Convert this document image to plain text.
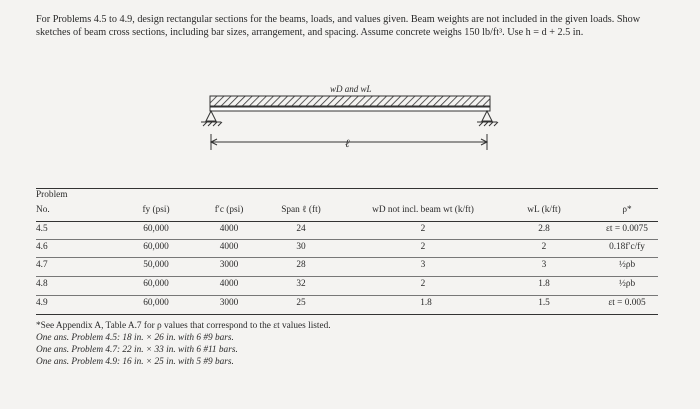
For Problems 4.5 to 4.9, design rectangular sections for the beams, loads, and values given. Beam weights are not included in the given loads. Show sketches of beam cross sections, including bar sizes, arrangement, and spacing. Assume concrete weighs 150 lb/ft³. Use h = d + 2.5 in.
wD and wL
ℓ
Problem
No.	fy (psi)	f′c (psi)	Span ℓ (ft)	wD not incl. beam wt (k/ft)	wL (k/ft)	ρ*
4.5	60,000	4000	24	2	2.8	εt = 0.0075
4.6	60,000	4000	30	2	2	0.18f′c/fy
4.7	50,000	3000	28	3	3	½ρb
4.8	60,000	4000	32	2	1.8	½ρb
4.9	60,000	3000	25	1.8	1.5	εt = 0.005
*See Appendix A, Table A.7 for ρ values that correspond to the εt values listed.
One ans. Problem 4.5: 18 in. × 26 in. with 6 #9 bars.
One ans. Problem 4.7: 22 in. × 33 in. with 6 #11 bars.
One ans. Problem 4.9: 16 in. × 25 in. with 5 #9 bars.
